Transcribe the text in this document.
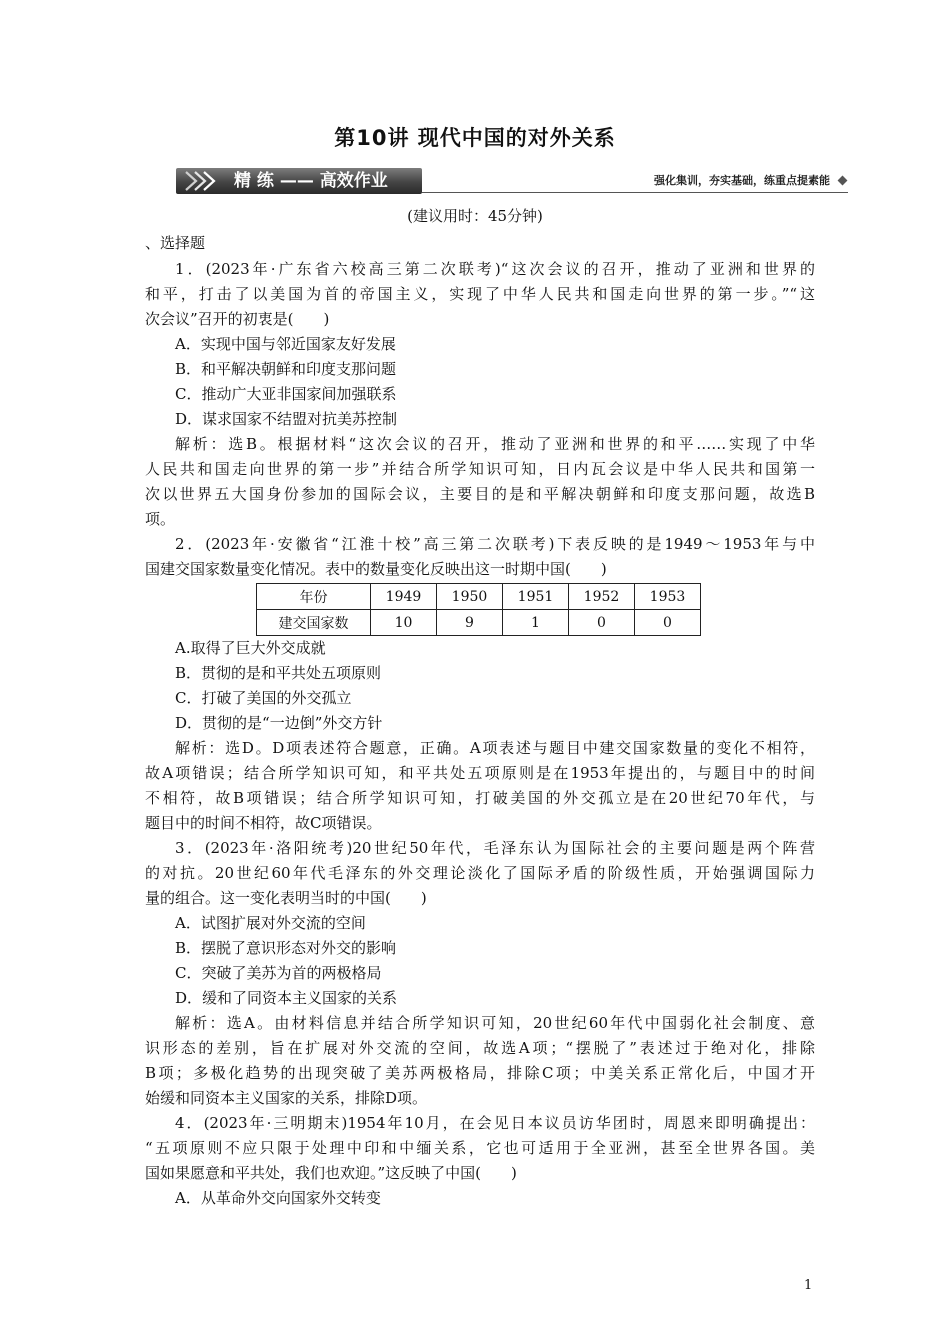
第10讲 现代中国的对外关系
精 练 —— 高效作业	强化集训，夯实基础，练重点提素能
(建议用时：45分钟)
、选择题
1．(2023年·广东省六校高三第二次联考)“这次会议的召开，推动了亚洲和世界的
和平，打击了以美国为首的帝国主义，实现了中华人民共和国走向世界的第一步。”“这
次会议”召开的初衷是(　　)
A．实现中国与邻近国家友好发展
B．和平解决朝鲜和印度支那问题
C．推动广大亚非国家间加强联系
D．谋求国家不结盟对抗美苏控制
解析：选B。根据材料“这次会议的召开，推动了亚洲和世界的和平……实现了中华
人民共和国走向世界的第一步”并结合所学知识可知，日内瓦会议是中华人民共和国第一
次以世界五大国身份参加的国际会议，主要目的是和平解决朝鲜和印度支那问题，故选B
项。
2．(2023年·安徽省“江淮十校”高三第二次联考)下表反映的是1949～1953年与中
国建交国家数量变化情况。表中的数量变化反映出这一时期中国(　　)
年份	1949	1950	1951	1952	1953
建交国家数	10	9	1	0	0
A.取得了巨大外交成就
B．贯彻的是和平共处五项原则
C．打破了美国的外交孤立
D．贯彻的是“一边倒”外交方针
解析：选D。D项表述符合题意，正确。A项表述与题目中建交国家数量的变化不相符，
故A项错误；结合所学知识可知，和平共处五项原则是在1953年提出的，与题目中的时间
不相符，故B项错误；结合所学知识可知，打破美国的外交孤立是在20世纪70年代，与
题目中的时间不相符，故C项错误。
3．(2023年·洛阳统考)20世纪50年代，毛泽东认为国际社会的主要问题是两个阵营
的对抗。20世纪60年代毛泽东的外交理论淡化了国际矛盾的阶级性质，开始强调国际力
量的组合。这一变化表明当时的中国(　　)
A．试图扩展对外交流的空间
B．摆脱了意识形态对外交的影响
C．突破了美苏为首的两极格局
D．缓和了同资本主义国家的关系
解析：选A。由材料信息并结合所学知识可知，20世纪60年代中国弱化社会制度、意
识形态的差别，旨在扩展对外交流的空间，故选A项；“摆脱了”表述过于绝对化，排除
B项；多极化趋势的出现突破了美苏两极格局，排除C项；中美关系正常化后，中国才开
始缓和同资本主义国家的关系，排除D项。
4．(2023年·三明期末)1954年10月，在会见日本议员访华团时，周恩来即明确提出：
“五项原则不应只限于处理中印和中缅关系，它也可适用于全亚洲，甚至全世界各国。美
国如果愿意和平共处，我们也欢迎。”这反映了中国(　　)
A．从革命外交向国家外交转变
1
